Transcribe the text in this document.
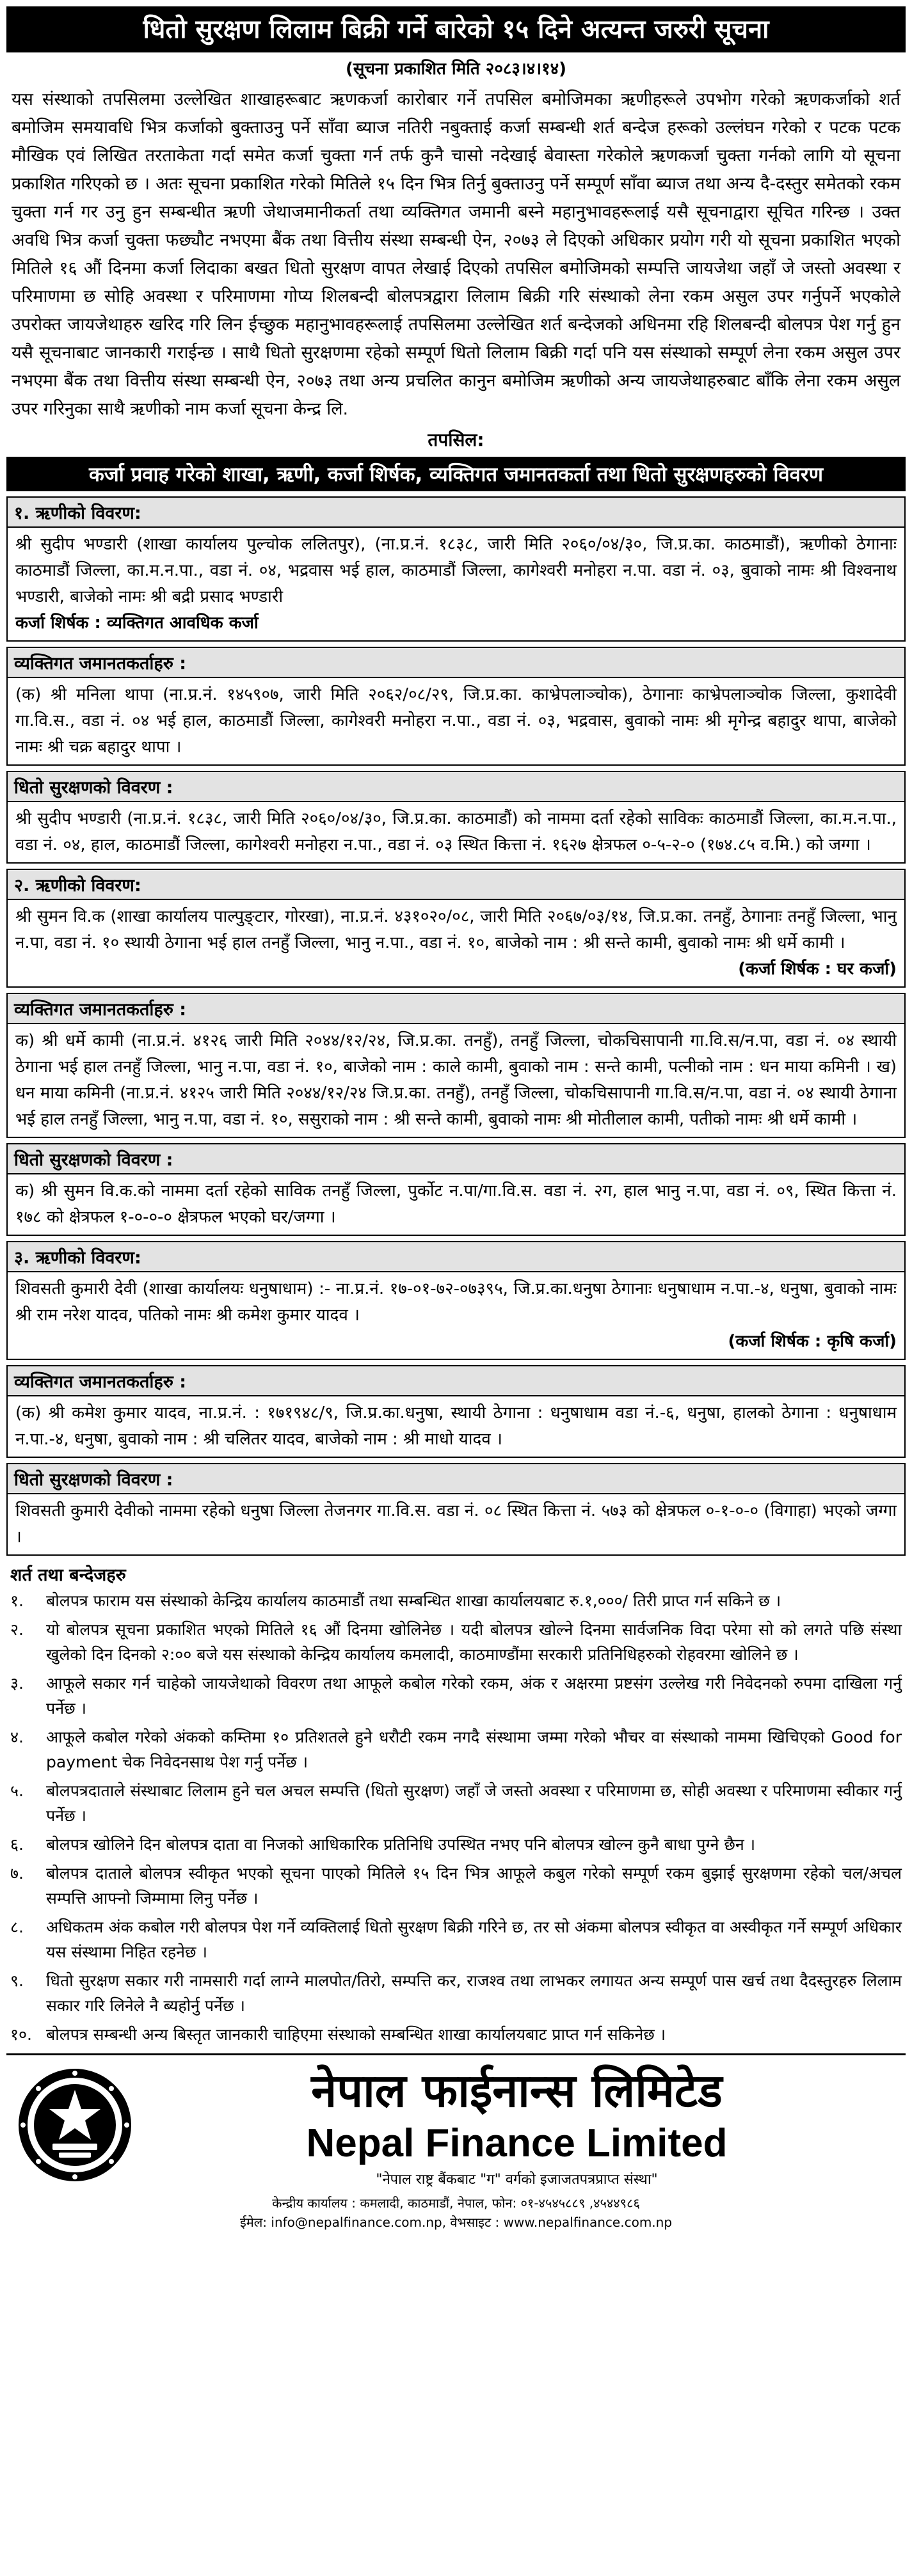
धितो सुरक्षण लिलाम बिक्री गर्ने बारेको १५ दिने अत्यन्त जरुरी सूचना
(सूचना प्रकाशित मिति २०८३।४।१४)
यस संस्थाको तपसिलमा उल्लेखित शाखाहरूबाट ऋणकर्जा कारोबार गर्ने तपसिल बमोजिमका ऋणीहरूले उपभोग गरेको ऋणकर्जाको शर्त बमोजिम समयावधि भित्र कर्जाको बुक्ताउनु पर्ने साँवा ब्याज नतिरी नबुक्ताई कर्जा सम्बन्धी शर्त बन्देज हरूको उल्लंघन गरेको र पटक पटक मौखिक एवं लिखित तरताकेता गर्दा समेत कर्जा चुक्ता गर्न तर्फ कुनै चासो नदेखाई बेवास्ता गरेकोले ऋणकर्जा चुक्ता गर्नको लागि यो सूचना प्रकाशित गरिएको छ । अतः सूचना प्रकाशित गरेको मितिले १५ दिन भित्र तिर्नु बुक्ताउनु पर्ने सम्पूर्ण साँवा ब्याज तथा अन्य दै-दस्तुर समेतको रकम चुक्ता गर्न गर उनु हुन सम्बन्धीत ऋणी जेथाजमानीकर्ता तथा व्यक्तिगत जमानी बस्ने महानुभावहरूलाई यसै सूचनाद्वारा सूचित गरिन्छ । उक्त अवधि भित्र कर्जा चुक्ता फछ्यौट नभएमा बैंक तथा वित्तीय संस्था सम्बन्धी ऐन, २०७३ ले दिएको अधिकार प्रयोग गरी यो सूचना प्रकाशित भएको मितिले १६ औं दिनमा कर्जा लिदाका बखत धितो सुरक्षण वापत लेखाई दिएको तपसिल बमोजिमको सम्पत्ति जायजेथा जहाँ जे जस्तो अवस्था र परिमाणमा छ सोहि अवस्था र परिमाणमा गोप्य शिलबन्दी बोलपत्रद्वारा लिलाम बिक्री गरि संस्थाको लेना रकम असुल उपर गर्नुपर्ने भएकोले उपरोक्त जायजेथाहरु खरिद गरि लिन ईच्छुक महानुभावहरूलाई तपसिलमा उल्लेखित शर्त बन्देजको अधिनमा रहि शिलबन्दी बोलपत्र पेश गर्नु हुन यसै सूचनाबाट जानकारी गराईन्छ । साथै धितो सुरक्षणमा रहेको सम्पूर्ण धितो लिलाम बिक्री गर्दा पनि यस संस्थाको सम्पूर्ण लेना रकम असुल उपर नभएमा बैंक तथा वित्तीय संस्था सम्बन्धी ऐन, २०७३ तथा अन्य प्रचलित कानुन बमोजिम ऋणीको अन्य जायजेथाहरुबाट बाँकि लेना रकम असुल उपर गरिनुका साथै ऋणीको नाम कर्जा सूचना केन्द्र लि.
तपसिल:
कर्जा प्रवाह गरेको शाखा, ऋणी, कर्जा शिर्षक, व्यक्तिगत जमानतकर्ता तथा धितो सुरक्षणहरुको विवरण
१. ऋणीको विवरण:
श्री सुदीप भण्डारी (शाखा कार्यालय पुल्चोक ललितपुर), (ना.प्र.नं. १८३८, जारी मिति २०६०/०४/३०, जि.प्र.का. काठमाडौं), ऋणीको ठेगानाः काठमाडौं जिल्ला, का.म.न.पा., वडा नं. ०४, भद्रवास भई हाल, काठमाडौं जिल्ला, कागेश्वरी मनोहरा न.पा. वडा नं. ०३, बुवाको नामः श्री विश्वनाथ भण्डारी, बाजेको नामः श्री बद्री प्रसाद भण्डारी
कर्जा शिर्षक : व्यक्तिगत आवधिक कर्जा
व्यक्तिगत जमानतकर्ताहरु :
(क) श्री मनिला थापा (ना.प्र.नं. १४५९०७, जारी मिति २०६२/०८/२९, जि.प्र.का. काभ्रेपलाञ्चोक), ठेगानाः काभ्रेपलाञ्चोक जिल्ला, कुशादेवी गा.वि.स., वडा नं. ०४ भई हाल, काठमाडौं जिल्ला, कागेश्वरी मनोहरा न.पा., वडा नं. ०३, भद्रवास, बुवाको नामः श्री मृगेन्द्र बहादुर थापा, बाजेको नामः श्री चक्र बहादुर थापा ।
धितो सुरक्षणको विवरण :
श्री सुदीप भण्डारी (ना.प्र.नं. १८३८, जारी मिति २०६०/०४/३०, जि.प्र.का. काठमाडौं) को नाममा दर्ता रहेको साविकः काठमाडौं जिल्ला, का.म.न.पा., वडा नं. ०४, हाल, काठमाडौं जिल्ला, कागेश्वरी मनोहरा न.पा., वडा नं. ०३ स्थित कित्ता नं. १६२७ क्षेत्रफल ०-५-२-० (१७४.८५ व.मि.) को जग्गा ।
२. ऋणीको विवरण:
श्री सुमन वि.क (शाखा कार्यालय पाल्पुङ्टार, गोरखा), ना.प्र.नं. ४३१०२०/०८, जारी मिति २०६७/०३/१४, जि.प्र.का. तनहुँ, ठेगानाः तनहुँ जिल्ला, भानु न.पा, वडा नं. १० स्थायी ठेगाना भई हाल तनहुँ जिल्ला, भानु न.पा., वडा नं. १०, बाजेको नाम : श्री सन्ते कामी, बुवाको नामः श्री धर्मे कामी ।
(कर्जा शिर्षक : घर कर्जा)
व्यक्तिगत जमानतकर्ताहरु :
क) श्री धर्मे कामी (ना.प्र.नं. ४१२६ जारी मिति २०४४/१२/२४, जि.प्र.का. तनहुँ), तनहुँ जिल्ला, चोकचिसापानी गा.वि.स/न.पा, वडा नं. ०४ स्थायी ठेगाना भई हाल तनहुँ जिल्ला, भानु न.पा, वडा नं. १०, बाजेको नाम : काले कामी, बुवाको नाम : सन्ते कामी, पत्नीको नाम : धन माया कमिनी । ख) धन माया कमिनी (ना.प्र.नं. ४१२५ जारी मिति २०४४/१२/२४ जि.प्र.का. तनहुँ), तनहुँ जिल्ला, चोकचिसापानी गा.वि.स/न.पा, वडा नं. ०४ स्थायी ठेगाना भई हाल तनहुँ जिल्ला, भानु न.पा, वडा नं. १०, ससुराको नाम : श्री सन्ते कामी, बुवाको नामः श्री मोतीलाल कामी, पतीको नामः श्री धर्मे कामी ।
धितो सुरक्षणको विवरण :
क) श्री सुमन वि.क.को नाममा दर्ता रहेको साविक तनहुँ जिल्ला, पुर्कोट न.पा/गा.वि.स. वडा नं. २ग, हाल भानु न.पा, वडा नं. ०९, स्थित कित्ता नं. १७८ को क्षेत्रफल १-०-०-० क्षेत्रफल भएको घर/जग्गा ।
३. ऋणीको विवरण:
शिवसती कुमारी देवी (शाखा कार्यालयः धनुषाधाम) :- ना.प्र.नं. १७-०१-७२-०७३९५, जि.प्र.का.धनुषा ठेगानाः धनुषाधाम न.पा.-४, धनुषा, बुवाको नामः श्री राम नरेश यादव, पतिको नामः श्री कमेश कुमार यादव ।
(कर्जा शिर्षक : कृषि कर्जा)
व्यक्तिगत जमानतकर्ताहरु :
(क) श्री कमेश कुमार यादव, ना.प्र.नं. : १७१९४८/९, जि.प्र.का.धनुषा, स्थायी ठेगाना : धनुषाधाम वडा नं.-६, धनुषा, हालको ठेगाना : धनुषाधाम न.पा.-४, धनुषा, बुवाको नाम : श्री चलितर यादव, बाजेको नाम : श्री माधो यादव ।
धितो सुरक्षणको विवरण :
शिवसती कुमारी देवीको नाममा रहेको धनुषा जिल्ला तेजनगर गा.वि.स. वडा नं. ०८ स्थित कित्ता नं. ५७३ को क्षेत्रफल ०-१-०-० (विगाहा) भएको जग्गा ।
शर्त तथा बन्देजहरु
१.	बोलपत्र फाराम यस संस्थाको केन्द्रिय कार्यालय काठमाडौं तथा सम्बन्धित शाखा कार्यालयबाट रु.१,०००/ तिरी प्राप्त गर्न सकिने छ ।
२.	यो बोलपत्र सूचना प्रकाशित भएको मितिले १६ औं दिनमा खोलिनेछ । यदी बोलपत्र खोल्ने दिनमा सार्वजनिक विदा परेमा सो को लगते पछि संस्था खुलेको दिन दिनको २:०० बजे यस संस्थाको केन्द्रिय कार्यालय कमलादी, काठमाण्डौंमा सरकारी प्रतिनिधिहरुको रोहवरमा खोलिने छ ।
३.	आफूले सकार गर्न चाहेको जायजेथाको विवरण तथा आफूले कबोल गरेको रकम, अंक र अक्षरमा प्रष्टसंग उल्लेख गरी निवेदनको रुपमा दाखिला गर्नु पर्नेछ ।
४.	आफूले कबोल गरेको अंकको कम्तिमा १० प्रतिशतले हुने धरौटी रकम नगदै संस्थामा जम्मा गरेको भौचर वा संस्थाको नाममा खिचिएको Good for payment चेक निवेदनसाथ पेश गर्नु पर्नेछ ।
५.	बोलपत्रदाताले संस्थाबाट लिलाम हुने चल अचल सम्पत्ति (धितो सुरक्षण) जहाँ जे जस्तो अवस्था र परिमाणमा छ, सोही अवस्था र परिमाणमा स्वीकार गर्नु पर्नेछ ।
६.	बोलपत्र खोलिने दिन बोलपत्र दाता वा निजको आधिकारिक प्रतिनिधि उपस्थित नभए पनि बोलपत्र खोल्न कुनै बाधा पुग्ने छैन ।
७.	बोलपत्र दाताले बोलपत्र स्वीकृत भएको सूचना पाएको मितिले १५ दिन भित्र आफूले कबुल गरेको सम्पूर्ण रकम बुझाई सुरक्षणमा रहेको चल/अचल सम्पत्ति आफ्नो जिम्मामा लिनु पर्नेछ ।
८.	अधिकतम अंक कबोल गरी बोलपत्र पेश गर्ने व्यक्तिलाई धितो सुरक्षण बिक्री गरिने छ, तर सो अंकमा बोलपत्र स्वीकृत वा अस्वीकृत गर्ने सम्पूर्ण अधिकार यस संस्थामा निहित रहनेछ ।
९.	धितो सुरक्षण सकार गरी नामसारी गर्दा लाग्ने मालपोत/तिरो, सम्पत्ति कर, राजश्व तथा लाभकर लगायत अन्य सम्पूर्ण पास खर्च तथा दैदस्तुरहरु लिलाम सकार गरि लिनेले नै ब्यहोर्नु पर्नेछ ।
१०. बोलपत्र सम्बन्धी अन्य बिस्तृत जानकारी चाहिएमा संस्थाको सम्बन्धित शाखा कार्यालयबाट प्राप्त गर्न सकिनेछ ।
नेपाल फाईनान्स लिमिटेड
Nepal Finance Limited
"नेपाल राष्ट्र बैंकबाट "ग" वर्गको इजाजतपत्रप्राप्त संस्था"
केन्द्रीय कार्यालय : कमलादी, काठमाडौं, नेपाल, फोन: ०१-४५४५८८९ ,४५४४९८६
ईमेल: info@nepalfinance.com.np, वेभसाइट : www.nepalfinance.com.np
